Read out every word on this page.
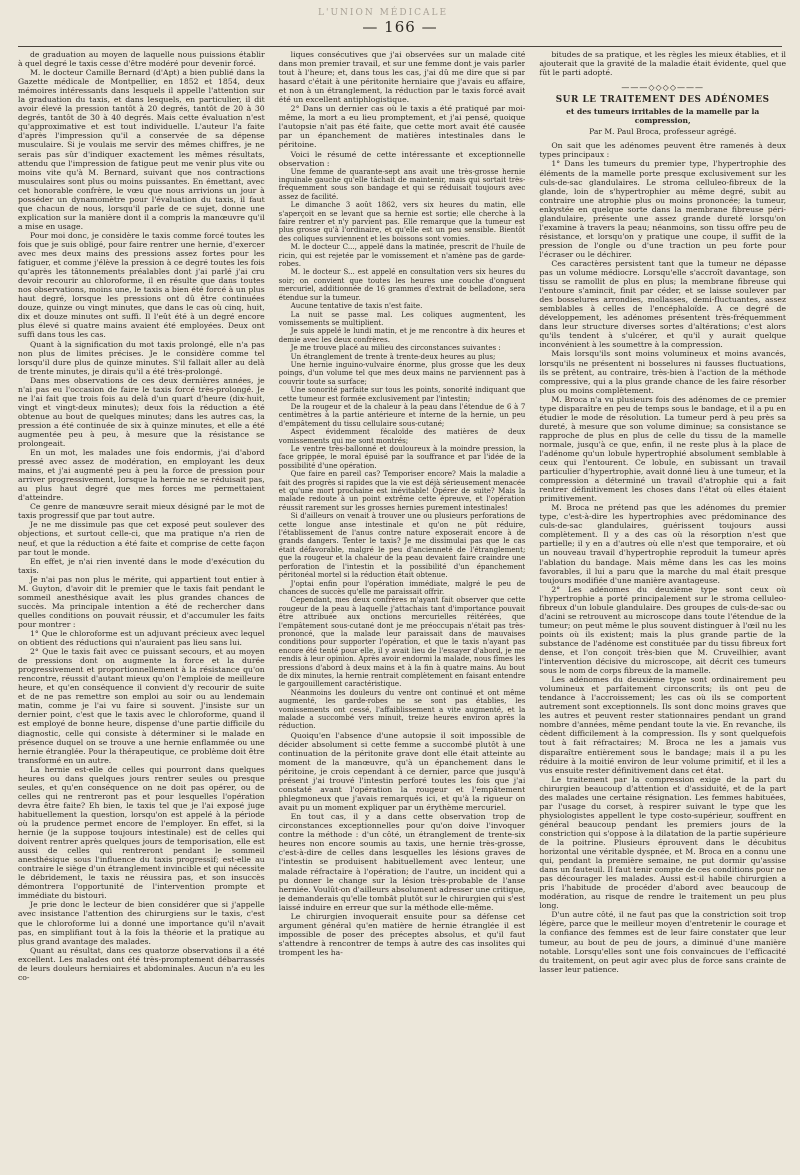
L'UNION MÉDICALE
— 166 —

de graduation au moyen de laquelle nous puissions établir à quel degré le taxis cesse d'être modéré pour devenir forcé.

M. le docteur Camille Bernard (d'Apt) a bien publié dans la Gazette médicale de Montpellier, en 1852 et 1854, deux mémoires intéressants dans lesquels il appelle l'attention sur la graduation du taxis, et dans lesquels, en particulier, il dit avoir élevé la pression tantôt à 20 degrés, tantôt de 20 à 30 degrés, tantôt de 30 à 40 degrés. Mais cette évaluation n'est qu'approximative et est tout individuelle. L'auteur l'a faite d'après l'impression qu'il a conservée de sa dépense musculaire. Si je voulais me servir des mêmes chiffres, je ne serais pas sûr d'indiquer exactement les mêmes résultats, attendu que l'impression de fatigue peut me venir plus vite ou moins vite qu'à M. Bernard, suivant que nos contractions musculaires sont plus ou moins puissantes. En émettant, avec cet honorable confrère, le vœu que nous arrivions un jour à posséder un dynamomètre pour l'évaluation du taxis, il faut que chacun de nous, lorsqu'il parle de ce sujet, donne une explication sur la manière dont il a compris la manœuvre qu'il a mise en usage.

Pour moi donc, je considère le taxis comme forcé toutes les fois que je suis obligé, pour faire rentrer une hernie, d'exercer avec mes deux mains des pressions assez fortes pour les fatiguer, et comme j'élève la pression à ce degré toutes les fois qu'après les tâtonnements préalables dont j'ai parlé j'ai cru devoir recourir au chloroforme, il en résulte que dans toutes nos observations, moins une, le taxis a bien été forcé à un plus haut degré, lorsque les pressions ont dû être continuées douze, quinze ou vingt minutes, que dans le cas où cinq, huit, dix et douze minutes ont suffi. Il l'eût été à un degré encore plus élevé si quatre mains avaient été employées. Deux ont suffi dans tous les cas.

Quant à la signification du mot taxis prolongé, elle n'a pas non plus de limites précises. Je le considère comme tel lorsqu'il dure plus de quinze minutes. S'il fallait aller au delà de trente minutes, je dirais qu'il a été très-prolongé.

Dans mes observations de ces deux dernières années, je n'ai pas eu l'occasion de faire le taxis forcé très-prolongé. Je ne l'ai fait que trois fois au delà d'un quart d'heure (dix-huit, vingt et vingt-deux minutes); deux fois la réduction a été obtenue au bout de quelques minutes; dans les autres cas, la pression a été continuée de six à quinze minutes, et elle a été augmentée peu à peu, à mesure que la résistance se prolongeait.

En un mot, les malades une fois endormis, j'ai d'abord pressé avec assez de modération, en employant les deux mains, et j'ai augmenté peu à peu la force de pression pour arriver progressivement, lorsque la hernie ne se réduisait pas, au plus haut degré que mes forces me permettaient d'atteindre.

Ce genre de manœuvre serait mieux désigné par le mot de taxis progressif que par tout autre.

Je ne me dissimule pas que cet exposé peut soulever des objections, et surtout celle-ci, que ma pratique n'a rien de neuf, et que la réduction a été faite et comprise de cette façon par tout le monde.

En effet, je n'ai rien inventé dans le mode d'exécution du taxis.

Je n'ai pas non plus le mérite, qui appartient tout entier à M. Guyton, d'avoir dit le premier que le taxis fait pendant le sommeil anesthésique avait les plus grandes chances de succès. Ma principale intention a été de rechercher dans quelles conditions on pouvait réussir, et d'accumuler les faits pour montrer :

1° Que le chloroforme est un adjuvant précieux avec lequel on obtient des réductions qui n'auraient pas lieu sans lui.

2° Que le taxis fait avec ce puissant secours, et au moyen de pressions dont on augmente la force et la durée progressivement et proportionnellement à la résistance qu'on rencontre, réussit d'autant mieux qu'on l'emploie de meilleure heure, et qu'en conséquence il convient d'y recourir de suite et de ne pas remettre son emploi au soir ou au lendemain matin, comme je l'ai vu faire si souvent. J'insiste sur un dernier point, c'est que le taxis avec le chloroforme, quand il est employé de bonne heure, dispense d'une partie difficile du diagnostic, celle qui consiste à déterminer si le malade en présence duquel on se trouve a une hernie enflammée ou une hernie étranglée. Pour la thérapeutique, ce problème doit être transformé en un autre.

La hernie est-elle de celles qui pourront dans quelques heures ou dans quelques jours rentrer seules ou presque seules, et qu'en conséquence on ne doit pas opérer, ou de celles qui ne rentreront pas et pour lesquelles l'opération devra être faite? Eh bien, le taxis tel que je l'ai exposé juge habituellement la question, lorsqu'on est appelé à la période où la prudence permet encore de l'employer. En effet, si la hernie (je la suppose toujours intestinale) est de celles qui doivent rentrer après quelques jours de temporisation, elle est aussi de celles qui rentreront pendant le sommeil anesthésique sous l'influence du taxis progressif; est-elle au contraire le siège d'un étranglement invincible et qui nécessite le débridement, le taxis ne réussira pas, et son insuccès démontrera l'opportunité de l'intervention prompte et immédiate du bistouri.

Je prie donc le lecteur de bien considérer que si j'appelle avec insistance l'attention des chirurgiens sur le taxis, c'est que le chloroforme lui a donné une importance qu'il n'avait pas, en simplifiant tout à la fois la théorie et la pratique au plus grand avantage des malades.

Quant au résultat, dans ces quatorze observations il a été excellent. Les malades ont été très-promptement débarrassés de leurs douleurs herniaires et abdominales. Aucun n'a eu les co-

liques consécutives que j'ai observées sur un malade cité dans mon premier travail, et sur une femme dont je vais parler tout à l'heure; et, dans tous les cas, j'ai dû me dire que si par hasard c'était à une péritonite herniaire que j'avais eu affaire, et non à un étranglement, la réduction par le taxis forcé avait été un excellent antiphlogistique.

2° Dans un dernier cas où le taxis a été pratiqué par moi-même, la mort a eu lieu promptement, et j'ai pensé, quoique l'autopsie n'ait pas été faite, que cette mort avait été causée par un épanchement de matières intestinales dans le péritoine.

Voici le résumé de cette intéressante et exceptionnelle observation :

Une femme de quarante-sept ans avait une très-grosse hernie inguinale gauche qu'elle tâchait de maintenir, mais qui sortait très-fréquemment sous son bandage et qui se réduisait toujours avec assez de facilité.

Le dimanche 3 août 1862, vers six heures du matin, elle s'aperçoit en se levant que sa hernie est sortie; elle cherche à la faire rentrer et n'y parvient pas. Elle remarque que la tumeur est plus grosse qu'à l'ordinaire, et qu'elle est un peu sensible. Bientôt des coliques surviennent et les boissons sont vomies.

M. le docteur C..., appelé dans la matinée, prescrit de l'huile de ricin, qui est rejetée par le vomissement et n'amène pas de garde-robes.

M. le docteur S... est appelé en consultation vers six heures du soir; on convient que toutes les heures une couche d'onguent mercuriel, additionnée de 16 grammes d'extrait de belladone, sera étendue sur la tumeur.

Aucune tentative de taxis n'est faite.

La nuit se passe mal. Les coliques augmentent, les vomissements se multiplient.

Je suis appelé le lundi matin, et je me rencontre à dix heures et demie avec les deux confrères.

Je me trouve placé au milieu des circonstances suivantes :

Un étranglement de trente à trente-deux heures au plus;

Une hernie inguino-vulvaire énorme, plus grosse que les deux poings, d'un volume tel que mes deux mains ne parviennent pas à couvrir toute sa surface;

Une sonorité parfaite sur tous les points, sonorité indiquant que cette tumeur est formée exclusivement par l'intestin;

De la rougeur et de la chaleur à la peau dans l'étendue de 6 à 7 centimètres à la partie antérieure et interne de la hernie, un peu d'empâtement du tissu cellulaire sous-cutané;

Aspect évidemment fécaloïde des matières de deux vomissements qui me sont montrés;

Le ventre très-ballonné et douloureux à la moindre pression, la face grippée, le moral épuisé par la souffrance et par l'idée de la possibilité d'une opération.

Que faire en pareil cas? Temporiser encore? Mais la maladie a fait des progrès si rapides que la vie est déjà sérieusement menacée et qu'une mort prochaine est inévitable! Opérer de suite? Mais la malade redoute à un point extrême cette épreuve, et l'opération réussit rarement sur les grosses hernies purement intestinales!

Si d'ailleurs on venait à trouver une ou plusieurs perforations de cette longue anse intestinale et qu'on ne pût réduire, l'établissement de l'anus contre nature exposerait encore à de grands dangers. Tenter le taxis? Je me dissimulai pas que le cas était défavorable, malgré le peu d'ancienneté de l'étranglement; que la rougeur et la chaleur de la peau devaient faire craindre une perforation de l'intestin et la possibilité d'un épanchement péritonéal mortel si la réduction était obtenue.

J'optai enfin pour l'opération immédiate, malgré le peu de chances de succès qu'elle me paraissait offrir.

Cependant, mes deux confrères m'ayant fait observer que cette rougeur de la peau à laquelle j'attachais tant d'importance pouvait être attribuée aux onctions mercurielles réitérées, que l'empâtement sous-cutané dont je me préoccupais n'était pas très-prononcé, que la malade leur paraissait dans de mauvaises conditions pour supporter l'opération, et que le taxis n'ayant pas encore été tenté pour elle, il y avait lieu de l'essayer d'abord, je me rendis à leur opinion. Après avoir endormi la malade, nous fîmes les pressions d'abord à deux mains et à la fin à quatre mains. Au bout de dix minutes, la hernie rentrait complètement en faisant entendre le gargouillement caractéristique.

Néanmoins les douleurs du ventre ont continué et ont même augmenté, les garde-robes ne se sont pas établies, les vomissements ont cessé, l'affaiblissement a vite augmenté, et la malade a succombé vers minuit, treize heures environ après la réduction.

Quoiqu'en l'absence d'une autopsie il soit impossible de décider absolument si cette femme a succombé plutôt à une continuation de la péritonite grave dont elle était atteinte au moment de la manœuvre, qu'à un épanchement dans le péritoine, je crois cependant à ce dernier, parce que jusqu'à présent j'ai trouvé l'intestin perforé toutes les fois que j'ai constaté avant l'opération la rougeur et l'empâtement phlegmoneux que j'avais remarqués ici, et qu'à la rigueur on avait pu un moment expliquer par un érythème mercuriel.

En tout cas, il y a dans cette observation trop de circonstances exceptionnelles pour qu'on doive l'invoquer contre la méthode : d'un côté, un étranglement de trente-six heures non encore soumis au taxis, une hernie très-grosse, c'est-à-dire de celles dans lesquelles les lésions graves de l'intestin se produisent habituellement avec lenteur, une malade réfractaire à l'opération; de l'autre, un incident qui a pu donner le change sur la lésion très-probable de l'anse herniée. Voulût-on d'ailleurs absolument adresser une critique, je demanderais qu'elle tombât plutôt sur le chirurgien qui s'est laissé induire en erreur que sur la méthode elle-même.

Le chirurgien invoquerait ensuite pour sa défense cet argument général qu'en matière de hernie étranglée il est impossible de poser des préceptes absolus, et qu'il faut s'attendre à rencontrer de temps à autre des cas insolites qui trompent les ha-

bitudes de sa pratique, et les règles les mieux établies, et il ajouterait que la gravité de la maladie était évidente, quel que fût le parti adopté.

———◇◇◇◇———
SUR LE TRAITEMENT DES ADÉNOMES
et des tumeurs irritables de la mamelle par la compression,
Par M. Paul Broca, professeur agrégé.

On sait que les adénomes peuvent être ramenés à deux types principaux :

1° Dans les tumeurs du premier type, l'hypertrophie des éléments de la mamelle porte presque exclusivement sur les culs-de-sac glandulaires. Le stroma celluleo-fibreux de la glande, loin de s'hypertrophier au même degré, subit au contraire une atrophie plus ou moins prononcée; la tumeur, enkystée en quelque sorte dans la membrane fibreuse péri-glandulaire, présente une assez grande dureté lorsqu'on l'examine à travers la peau; néanmoins, son tissu offre peu de résistance, et lorsqu'on y pratique une coupe, il suffit de la pression de l'ongle ou d'une traction un peu forte pour l'écraser ou le déchirer.

Ces caractères persistent tant que la tumeur ne dépasse pas un volume médiocre. Lorsqu'elle s'accroît davantage, son tissu se ramollit de plus en plus; la membrane fibreuse qui l'entoure s'amincit, finit par céder, et se laisse soulever par des bosselures arrondies, mollasses, demi-fluctuantes, assez semblables à celles de l'encéphaloïde. A ce degré de développement, les adénomes présentent très-fréquemment dans leur structure diverses sortes d'altérations; c'est alors qu'ils tendent à s'ulcérer, et qu'il y aurait quelque inconvénient à les soumettre à la compression.

Mais lorsqu'ils sont moins volumineux et moins avancés, lorsqu'ils ne présentent ni bosselures ni fausses fluctuations, ils se prêtent, au contraire, très-bien à l'action de la méthode compressive, qui a la plus grande chance de les faire résorber plus ou moins complètement.

M. Broca n'a vu plusieurs fois des adénomes de ce premier type disparaître en peu de temps sous le bandage, et il a pu en étudier le mode de résolution. La tumeur perd à peu près sa dureté, à mesure que son volume diminue; sa consistance se rapproche de plus en plus de celle du tissu de la mamelle normale, jusqu'à ce que, enfin, il ne reste plus à la place de l'adénome qu'un lobule hypertrophié absolument semblable à ceux qui l'entourent. Ce lobule, en subissant un travail particulier d'hypertrophie, avait donné lieu à une tumeur, et la compression a déterminé un travail d'atrophie qui a fait rentrer définitivement les choses dans l'état où elles étaient primitivement.

M. Broca ne prétend pas que les adénomes du premier type, c'est-à-dire les hypertrophies avec prédominance des culs-de-sac glandulaires, guérissent toujours aussi complètement. Il y a des cas où la résorption n'est que partielle; il y en a d'autres où elle n'est que temporaire, et où un nouveau travail d'hypertrophie reproduit la tumeur après l'ablation du bandage. Mais même dans les cas les moins favorables, il lui a paru que la marche du mal était presque toujours modifiée d'une manière avantageuse.

2° Les adénomes du deuxième type sont ceux où l'hypertrophie a porté principalement sur le stroma celluleo-fibreux d'un lobule glandulaire. Des groupes de culs-de-sac ou d'acini se retrouvent au microscope dans toute l'étendue de la tumeur; on peut même le plus souvent distinguer à l'œil nu les points où ils existent; mais la plus grande partie de la substance de l'adénome est constituée par du tissu fibreux fort dense, et l'on conçoit très-bien que M. Cruveilhier, avant l'intervention décisive du microscope, ait décrit ces tumeurs sous le nom de corps fibreux de la mamelle.

Les adénomes du deuxième type sont ordinairement peu volumineux et parfaitement circonscrits; ils ont peu de tendance à l'accroissement; les cas où ils se comportent autrement sont exceptionnels. Ils sont donc moins graves que les autres et peuvent rester stationnaires pendant un grand nombre d'années, même pendant toute la vie. En revanche, ils cèdent difficilement à la compression. Ils y sont quelquefois tout à fait réfractaires; M. Broca ne les a jamais vus disparaître entièrement sous le bandage; mais il a pu les réduire à la moitié environ de leur volume primitif, et il les a vus ensuite rester définitivement dans cet état.

Le traitement par la compression exige de la part du chirurgien beaucoup d'attention et d'assiduité, et de la part des malades une certaine résignation. Les femmes habituées, par l'usage du corset, à respirer suivant le type que les physiologistes appellent le type costo-supérieur, souffrent en général beaucoup pendant les premiers jours de la constriction qui s'oppose à la dilatation de la partie supérieure de la poitrine. Plusieurs éprouvent dans le décubitus horizontal une véritable dyspnée, et M. Broca en a connu une qui, pendant la première semaine, ne put dormir qu'assise dans un fauteuil. Il faut tenir compte de ces conditions pour ne pas décourager les malades. Aussi est-il habile chirurgien a pris l'habitude de procéder d'abord avec beaucoup de modération, au risque de rendre le traitement un peu plus long.

D'un autre côté, il ne faut pas que la constriction soit trop légère, parce que le meilleur moyen d'entretenir le courage et la confiance des femmes est de leur faire constater que leur tumeur, au bout de peu de jours, a diminué d'une manière notable. Lorsqu'elles sont une fois convaincues de l'efficacité du traitement, on peut agir avec plus de force sans crainte de lasser leur patience.
